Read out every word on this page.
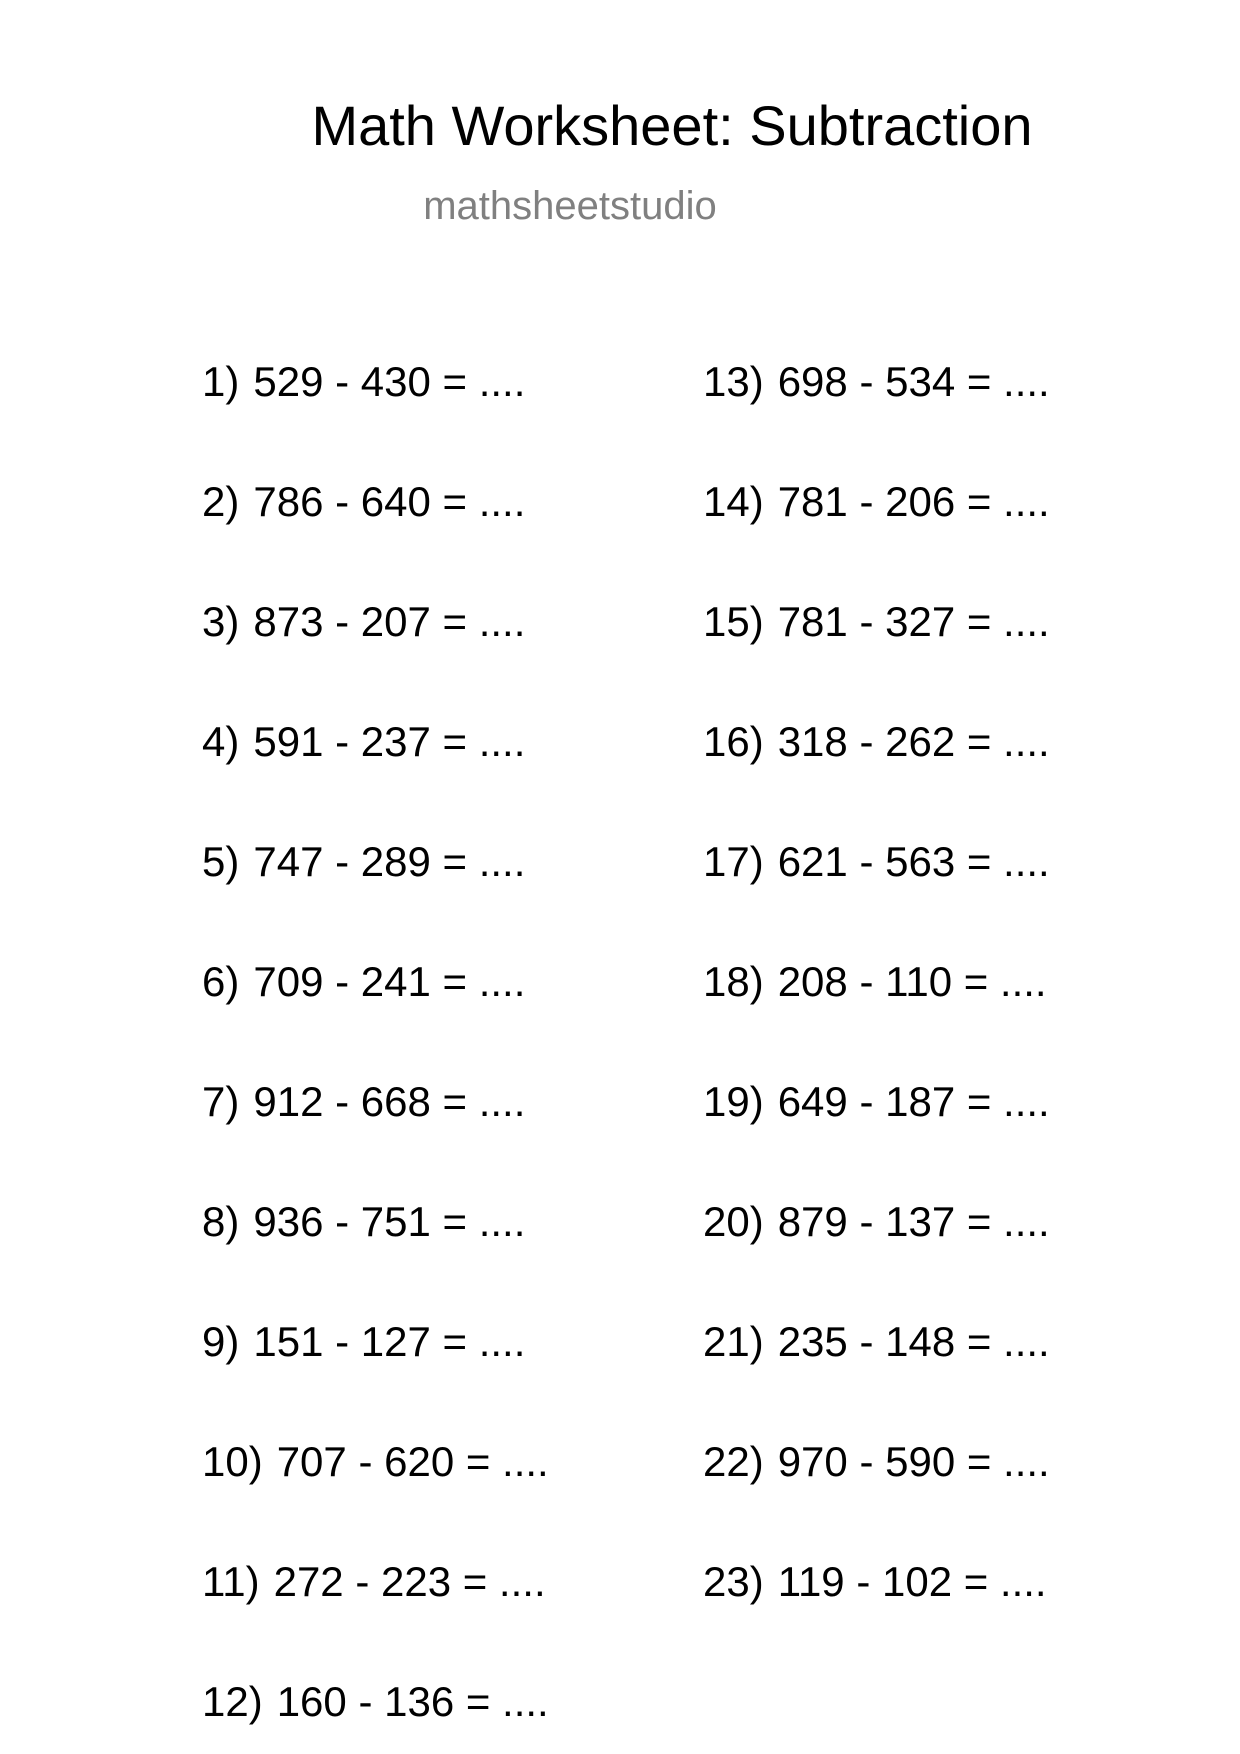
Math Worksheet: Subtraction
mathsheetstudio
1) 529 - 430 = ....
2) 786 - 640 = ....
3) 873 - 207 = ....
4) 591 - 237 = ....
5) 747 - 289 = ....
6) 709 - 241 = ....
7) 912 - 668 = ....
8) 936 - 751 = ....
9) 151 - 127 = ....
10) 707 - 620 = ....
11) 272 - 223 = ....
12) 160 - 136 = ....
13) 698 - 534 = ....
14) 781 - 206 = ....
15) 781 - 327 = ....
16) 318 - 262 = ....
17) 621 - 563 = ....
18) 208 - 110 = ....
19) 649 - 187 = ....
20) 879 - 137 = ....
21) 235 - 148 = ....
22) 970 - 590 = ....
23) 119 - 102 = ....
